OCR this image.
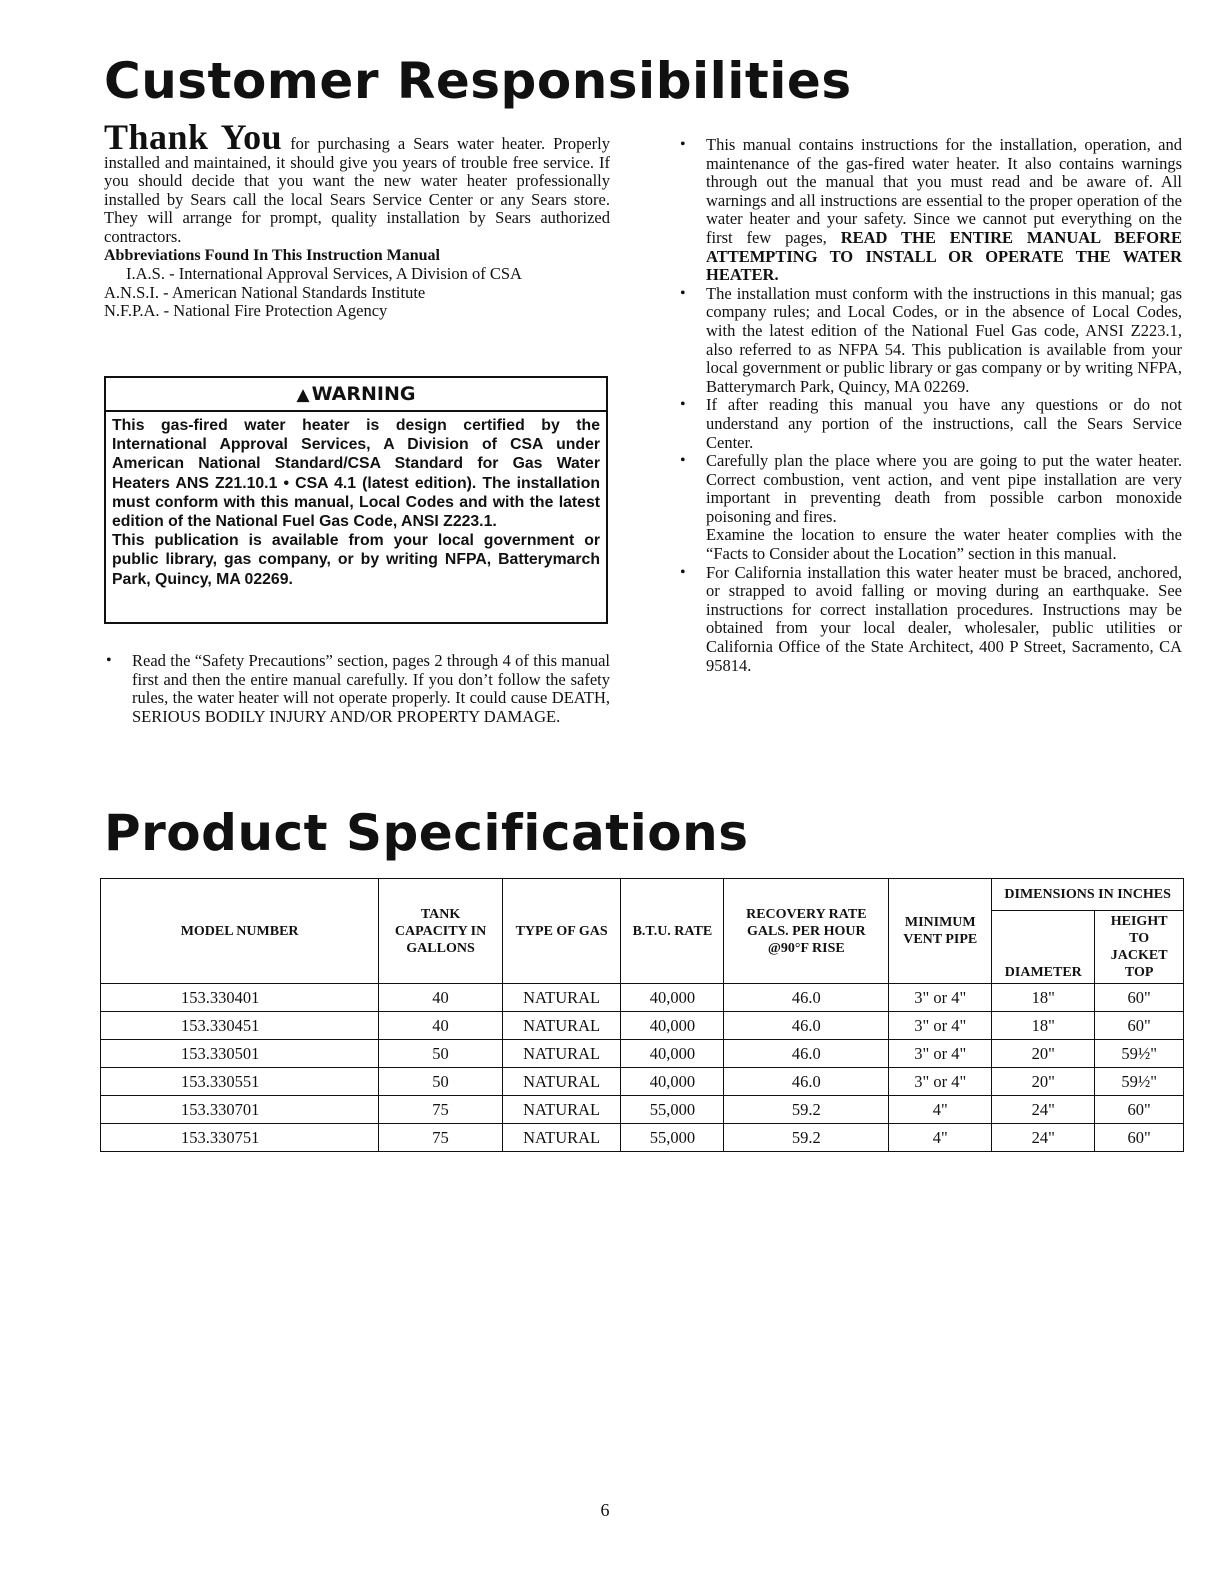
Customer Responsibilities
Thank You for purchasing a Sears water heater. Properly installed and maintained, it should give you years of trouble free service. If you should decide that you want the new water heater professionally installed by Sears call the local Sears Service Center or any Sears store. They will arrange for prompt, quality installation by Sears authorized contractors.
Abbreviations Found In This Instruction Manual
I.A.S. - International Approval Services, A Division of CSA
A.N.S.I. - American National Standards Institute
N.F.P.A. - National Fire Protection Agency
▲ WARNING

This gas-fired water heater is design certified by the International Approval Services, A Division of CSA under American National Standard/CSA Standard for Gas Water Heaters ANS Z21.10.1 • CSA 4.1 (latest edition). The installation must conform with this manual, Local Codes and with the latest edition of the National Fuel Gas Code, ANSI Z223.1.

This publication is available from your local government or public library, gas company, or by writing NFPA, Batterymarch Park, Quincy, MA 02269.

• Read the “Safety Precautions” section, pages 2 through 4 of this manual first and then the entire manual carefully. If you don’t follow the safety rules, the water heater will not operate properly. It could cause DEATH, SERIOUS BODILY INJURY AND/OR PROPERTY DAMAGE.

• This manual contains instructions for the installation, operation, and maintenance of the gas-fired water heater. It also contains warnings through out the manual that you must read and be aware of. All warnings and all instructions are essential to the proper operation of the water heater and your safety. Since we cannot put everything on the first few pages, READ THE ENTIRE MANUAL BEFORE ATTEMPTING TO INSTALL OR OPERATE THE WATER HEATER.

• The installation must conform with the instructions in this manual; gas company rules; and Local Codes, or in the absence of Local Codes, with the latest edition of the National Fuel Gas code, ANSI Z223.1, also referred to as NFPA 54. This publication is available from your local government or public library or gas company or by writing NFPA, Batterymarch Park, Quincy, MA 02269.

• If after reading this manual you have any questions or do not understand any portion of the instructions, call the Sears Service Center.

• Carefully plan the place where you are going to put the water heater. Correct combustion, vent action, and vent pipe installation are very important in preventing death from possible carbon monoxide poisoning and fires.

Examine the location to ensure the water heater complies with the “Facts to Consider about the Location” section in this manual.

• For California installation this water heater must be braced, anchored, or strapped to avoid falling or moving during an earthquake. See instructions for correct installation procedures. Instructions may be obtained from your local dealer, wholesaler, public utilities or California Office of the State Architect, 400 P Street, Sacramento, CA 95814.

Product Specifications
MODEL NUMBER	TANK CAPACITY IN GALLONS	TYPE OF GAS	B.T.U. RATE	RECOVERY RATE GALS. PER HOUR @90°F RISE	MINIMUM VENT PIPE	DIMENSIONS IN INCHES	
						DIAMETER	HEIGHT TO JACKET TOP
153.330401	40	NATURAL	40,000	46.0	3" or 4"	18"	60"
153.330451	40	NATURAL	40,000	46.0	3" or 4"	18"	60"
153.330501	50	NATURAL	40,000	46.0	3" or 4"	20"	59½"
153.330551	50	NATURAL	40,000	46.0	3" or 4"	20"	59½"
153.330701	75	NATURAL	55,000	59.2	4"	24"	60"
153.330751	75	NATURAL	55,000	59.2	4"	24"	60"
6
